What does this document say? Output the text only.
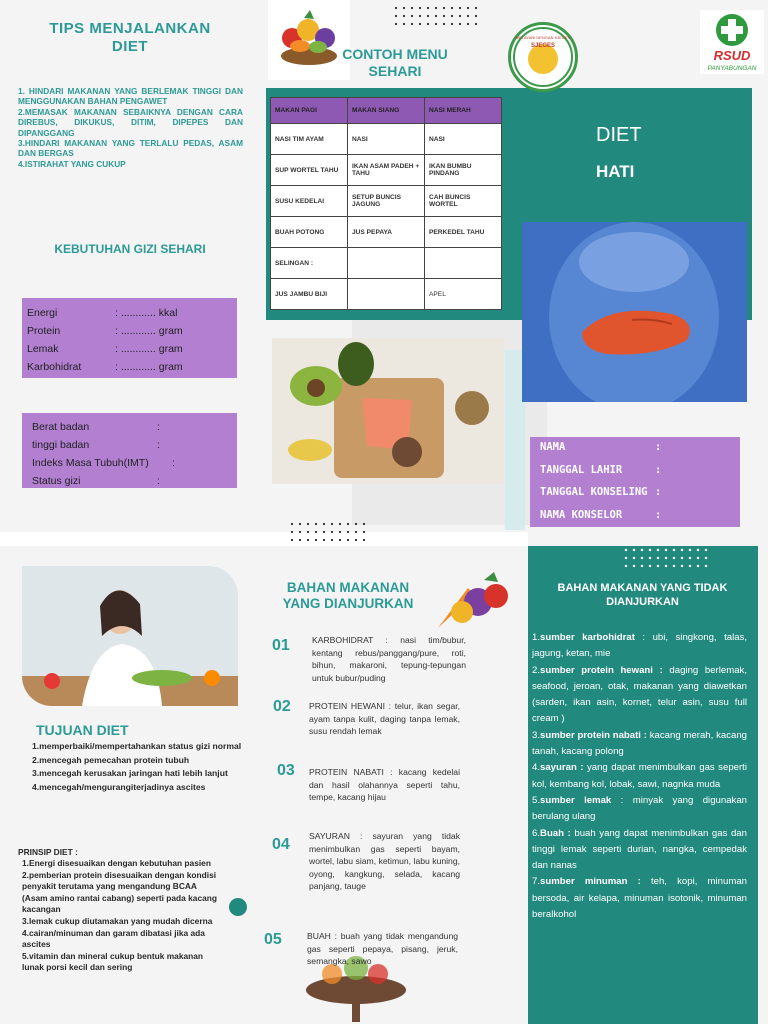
TIPS MENJALANKAN DIET
1. HINDARI MAKANAN YANG BERLEMAK TINGGI DAN MENGGUNAKAN BAHAN PENGAWET
2.MEMASAK MAKANAN SEBAIKNYA DENGAN CARA DIREBUS, DIKUKUS, DITIM, DIPEPES DAN DIPANGGANG
3.HINDARI MAKANAN YANG TERLALU PEDAS, ASAM DAN BERGAS
4.ISTIRAHAT YANG CUKUP
KEBUTUHAN GIZI SEHARI
Energi	: ............ kkal
Protein	: ............ gram
Lemak	: ............ gram
Karbohidrat	: ............ gram
Berat badan	:
tinggi badan	:
Indeks Masa Tubuh(IMT)	:
Status gizi	:
CONTOH MENU SEHARI
MAKAN PAGI	MAKAN SIANG	NASI MERAH
NASI TIM AYAM	NASI	NASI
SUP WORTEL TAHU	IKAN ASAM PADEH + TAHU	IKAN BUMBU PINDANG
SUSU KEDELAI	SETUP BUNCIS JAGUNG	CAH BUNCIS WORTEL
BUAH POTONG	JUS PEPAYA	PERKEDEL TAHU
SELINGAN :		
JUS JAMBU BIJI		APEL
DIET
HATI
MELAYANI DENGAN SJEGES
SJEGES
RSUD
PANYABUNGAN
NAMA	:
TANGGAL LAHIR	:
TANGGAL KONSELING :
NAMA KONSELOR	:
TUJUAN DIET
1.memperbaiki/mempertahankan status gizi normal
2.mencegah pemecahan protein tubuh
3.mencegah kerusakan jaringan hati lebih lanjut
4.mencegah/mengurangiterjadinya ascites
PRINSIP DIET :
1.Energi disesuaikan dengan kebutuhan pasien
2.pemberian protein disesuaikan dengan kondisi penyakit terutama yang mengandung BCAA (Asam amino rantai cabang) seperti pada kacang kacangan
3.lemak cukup diutamakan yang mudah dicerna
4.cairan/minuman dan garam dibatasi jika ada ascites
5.vitamin dan mineral cukup bentuk makanan lunak porsi kecil dan sering
BAHAN MAKANAN YANG DIANJURKAN
01	KARBOHIDRAT : nasi tim/bubur, kentang rebus/panggang/pure, roti, bihun, makaroni, tepung-tepungan untuk bubur/puding
02 PROTEIN HEWANI : telur, ikan segar, ayam tanpa kulit, daging tanpa lemak, susu rendah lemak
03 PROTEIN NABATI : kacang kedelai dan hasil olahannya seperti tahu, tempe, kacang hijau
04 SAYURAN : sayuran yang tidak menimbulkan gas seperti bayam, wortel, labu siam, ketimun, labu kuning, oyong, kangkung, selada, kacang panjang, tauge
05	BUAH : buah yang tidak mengandung gas seperti pepaya, pisang, jeruk, semangka, sawo
BAHAN MAKANAN YANG TIDAK DIANJURKAN
1.sumber karbohidrat : ubi, singkong, talas, jagung, ketan, mie
2.sumber protein hewani : daging berlemak, seafood, jeroan, otak, makanan yang diawetkan (sarden, ikan asin, kornet, telur asin, susu full cream )
3.sumber protein nabati : kacang merah, kacang tanah, kacang polong
4.sayuran : yang dapat menimbulkan gas seperti kol, kembang kol, lobak, sawi, nagnka muda
5.sumber lemak : minyak yang digunakan berulang ulang
6.Buah : buah yang dapat menimbulkan gas dan tinggi lemak seperti durian, nangka, cempedak dan nanas
7.sumber minuman : teh, kopi, minuman bersoda, air kelapa, minuman isotonik, minuman beralkohol
